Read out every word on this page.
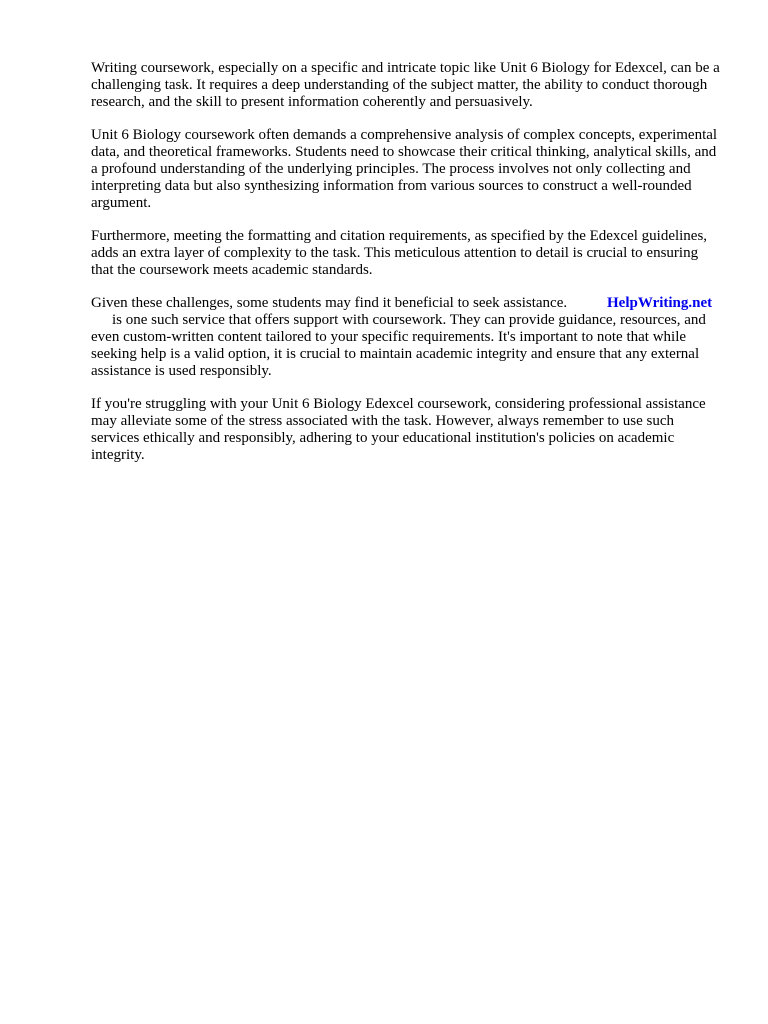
Writing coursework, especially on a specific and intricate topic like Unit 6 Biology for Edexcel, can be a challenging task. It requires a deep understanding of the subject matter, the ability to conduct thorough research, and the skill to present information coherently and persuasively.

Unit 6 Biology coursework often demands a comprehensive analysis of complex concepts, experimental data, and theoretical frameworks. Students need to showcase their critical thinking, analytical skills, and a profound understanding of the underlying principles. The process involves not only collecting and interpreting data but also synthesizing information from various sources to construct a well-rounded argument.

Furthermore, meeting the formatting and citation requirements, as specified by the Edexcel guidelines, adds an extra layer of complexity to the task. This meticulous attention to detail is crucial to ensuring that the coursework meets academic standards.

Given these challenges, some students may find it beneficial to seek assistance.	HelpWriting.net
is one such service that offers support with coursework. They can provide guidance, resources, and even custom-written content tailored to your specific requirements. It's important to note that while seeking help is a valid option, it is crucial to maintain academic integrity and ensure that any external assistance is used responsibly.

If you're struggling with your Unit 6 Biology Edexcel coursework, considering professional assistance may alleviate some of the stress associated with the task. However, always remember to use such services ethically and responsibly, adhering to your educational institution's policies on academic integrity.
